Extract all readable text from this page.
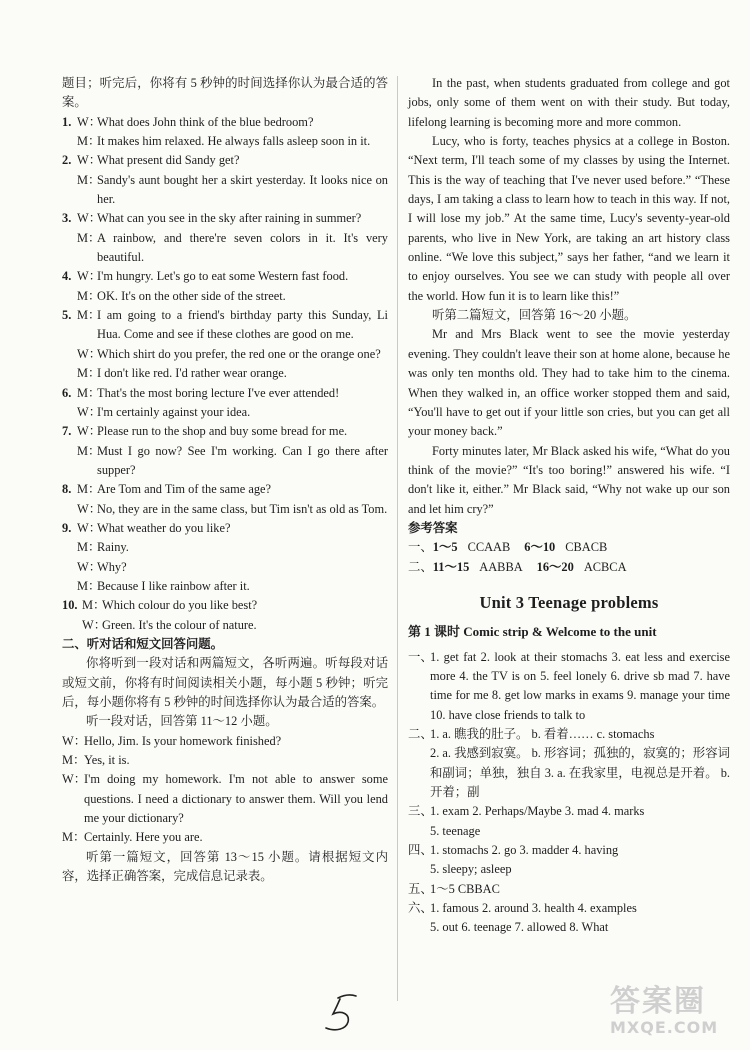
题目；听完后，你将有 5 秒钟的时间选择你认为最合适的答案。
1. W：
What does John think of the blue bedroom?
M：
It makes him relaxed. He always falls asleep soon in it.
2. W：
What present did Sandy get?
M：
Sandy's aunt bought her a skirt yesterday. It looks nice on her.
3. W：
What can you see in the sky after raining in summer?
M：
A rainbow, and there're seven colors in it. It's very beautiful.
4. W：
I'm hungry. Let's go to eat some Western fast food.
M：
OK. It's on the other side of the street.
5. M：
I am going to a friend's birthday party this Sunday, Li Hua. Come and see if these clothes are good on me.
W：
Which shirt do you prefer, the red one or the orange one?
M：
I don't like red. I'd rather wear orange.
6. M：
That's the most boring lecture I've ever attended!
W：
I'm certainly against your idea.
7. W：
Please run to the shop and buy some bread for me.
M：
Must I go now? See I'm working. Can I go there after supper?
8. M：
Are Tom and Tim of the same age?
W：
No, they are in the same class, but Tim isn't as old as Tom.
9. W：
What weather do you like?
M：
Rainy.
W：
Why?
M：
Because I like rainbow after it.
10. M：
Which colour do you like best?
W：
Green. It's the colour of nature.
二、听对话和短文回答问题。
你将听到一段对话和两篇短文，各听两遍。听每段对话或短文前，你将有时间阅读相关小题，每小题 5 秒钟；听完后，每小题你将有 5 秒钟的时间选择你认为最合适的答案。
听一段对话，回答第 11～12 小题。
W：
Hello, Jim. Is your homework finished?
M：
Yes, it is.
W：
I'm doing my homework. I'm not able to answer some questions. I need a dictionary to answer them. Will you lend me your dictionary?
M：
Certainly. Here you are.
听第一篇短文，回答第 13～15 小题。请根据短文内容，选择正确答案，完成信息记录表。
In the past, when students graduated from college and got jobs, only some of them went on with their study. But today, lifelong learning is becoming more and more common.
Lucy, who is forty, teaches physics at a college in Boston. “Next term, I'll teach some of my classes by using the Internet. This is the way of teaching that I've never used before.” “These days, I am taking a class to learn how to teach in this way. If not, I will lose my job.” At the same time, Lucy's seventy-year-old parents, who live in New York, are taking an art history class online. “We love this subject,” says her father, “and we learn it to enjoy ourselves. You see we can study with people all over the world. How fun it is to learn like this!”
听第二篇短文，回答第 16～20 小题。
Mr and Mrs Black went to see the movie yesterday evening. They couldn't leave their son at home alone, because he was only ten months old. They had to take him to the cinema. When they walked in, an office worker stopped them and said, “You'll have to get out if your little son cries, but you can get all your money back.”
Forty minutes later, Mr Black asked his wife, “What do you think of the movie?” “It's too boring!” answered his wife. “I don't like it, either.” Mr Black said, “Why not wake up our son and let him cry?”
参考答案
一、1～5 CCAAB 6～10 CBACB
二、11～15 AABBA 16～20 ACBCA
Unit 3 Teenage problems
第 1 课时 Comic strip & Welcome to the unit
一、
1. get fat 2. look at their stomachs 3. eat less and exercise more 4. the TV is on 5. feel lonely 6. drive sb mad 7. have time for me 8. get low marks in exams 9. manage your time 10. have close friends to talk to
二、
1. a. 瞧我的肚子。 b. 看着…… c. stomachs
2. a. 我感到寂寞。 b. 形容词；孤独的，寂寞的；形容词和副词；单独，独自 3. a. 在我家里，电视总是开着。 b. 开着；副
三、
1. exam 2. Perhaps/Maybe 3. mad 4. marks
5. teenage
四、
1. stomachs 2. go 3. madder 4. having
5. sleepy; asleep
五、
1～5 CBBAC
六、
1. famous 2. around 3. health 4. examples
5. out 6. teenage 7. allowed 8. What
答案圈
MXQE.COM
